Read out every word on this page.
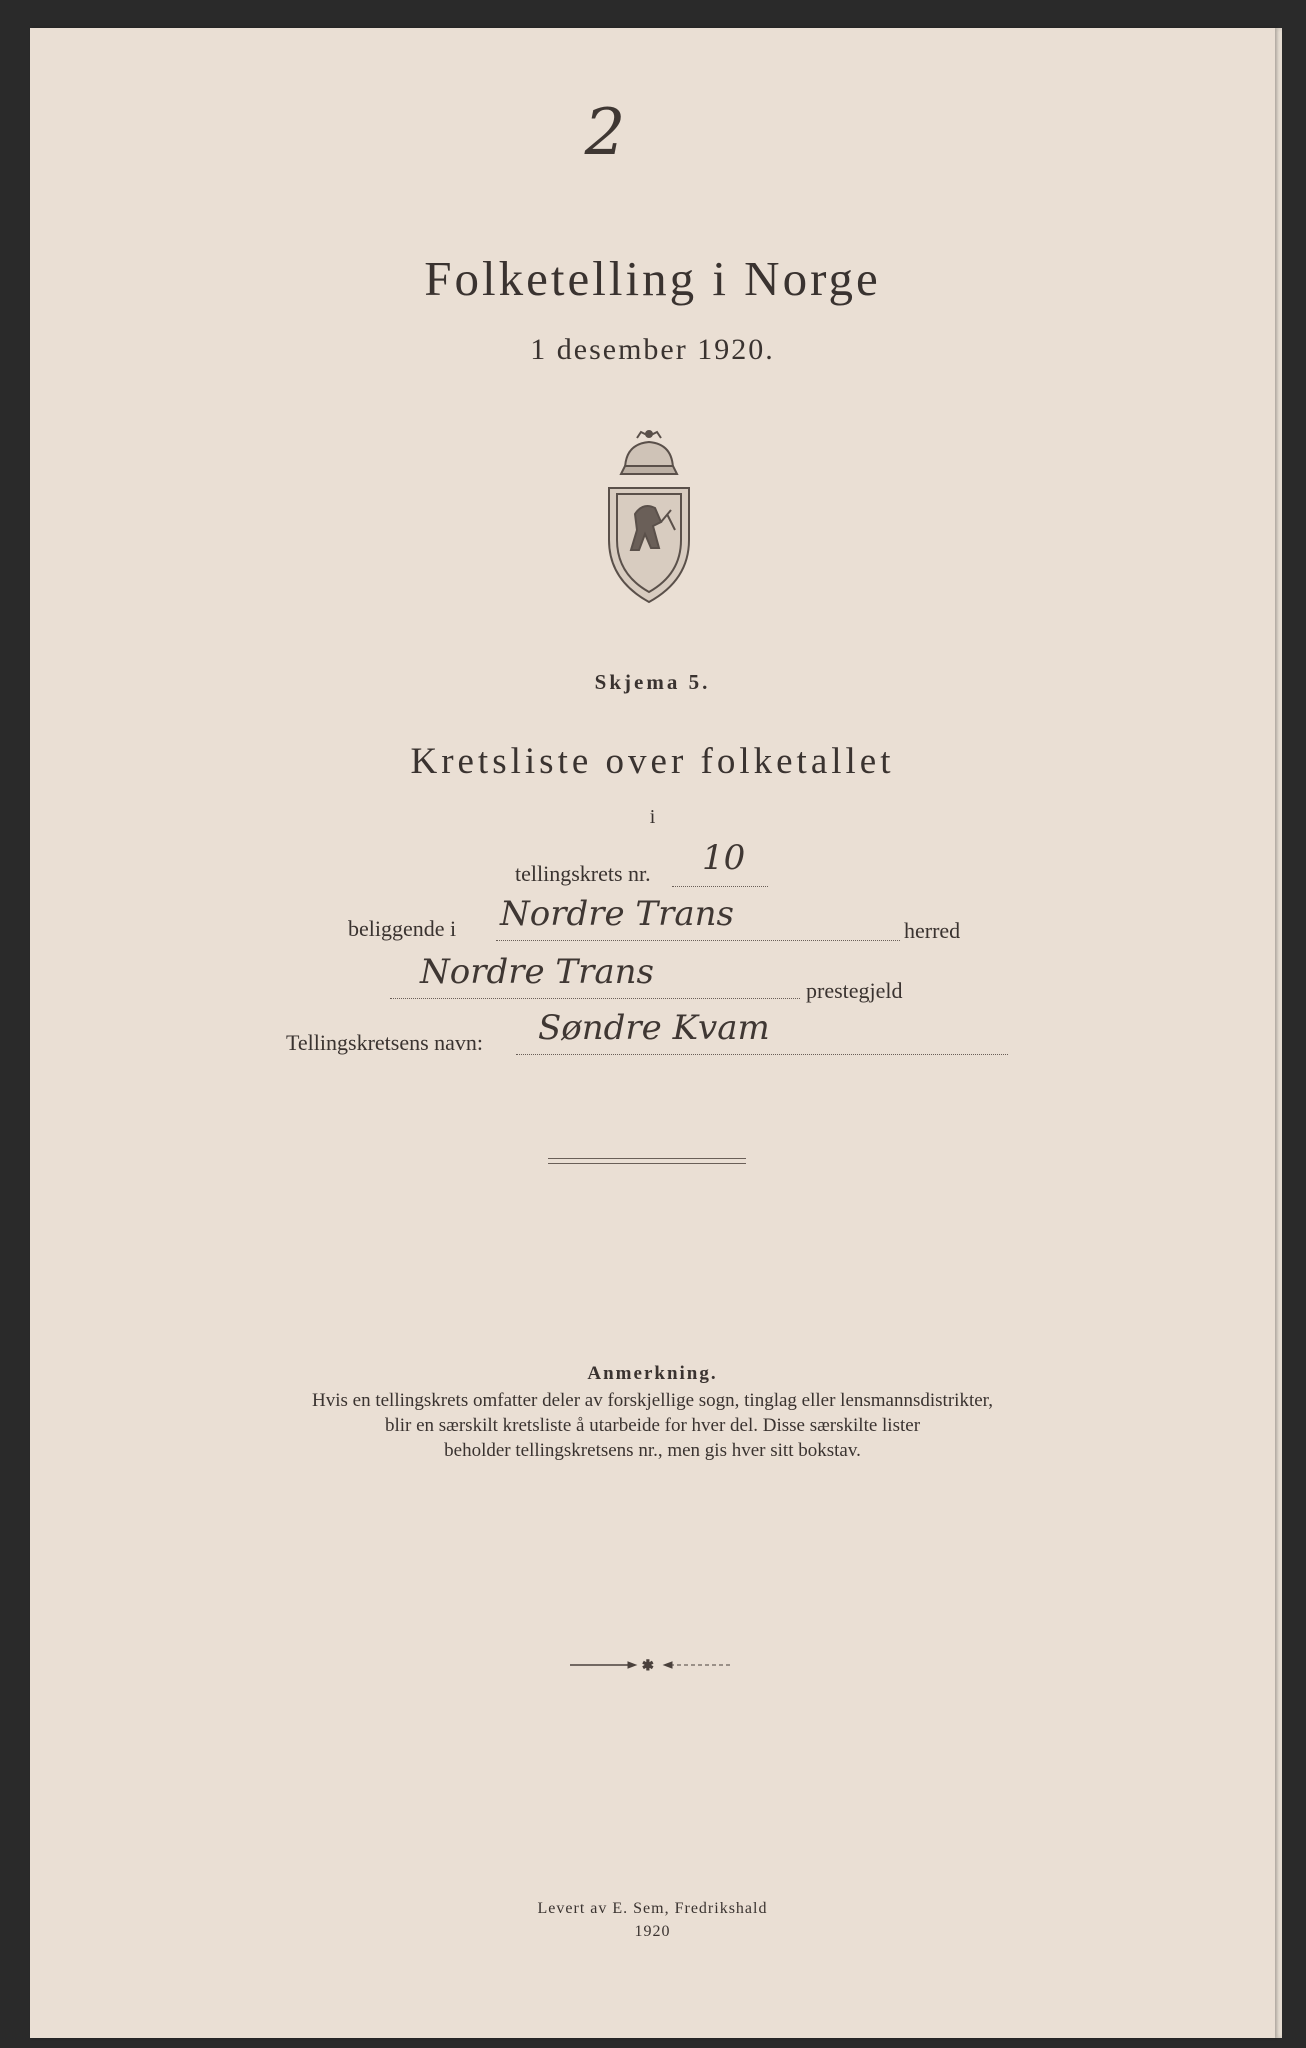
2
Folketelling i Norge
1 desember 1920.
Skjema 5.
Kretsliste over folketallet
i
tellingskrets nr. 10
beliggende i Nordre Trans	herred
Nordre Trans	prestegjeld
Tellingskretsens navn: Søndre Kvam
Anmerkning.
Hvis en tellingskrets omfatter deler av forskjellige sogn, tinglag eller lensmannsdistrikter,
blir en særskilt kretsliste å utarbeide for hver del. Disse særskilte lister
beholder tellingskretsens nr., men gis hver sitt bokstav.
✱
Levert av E. Sem, Fredrikshald
1920
